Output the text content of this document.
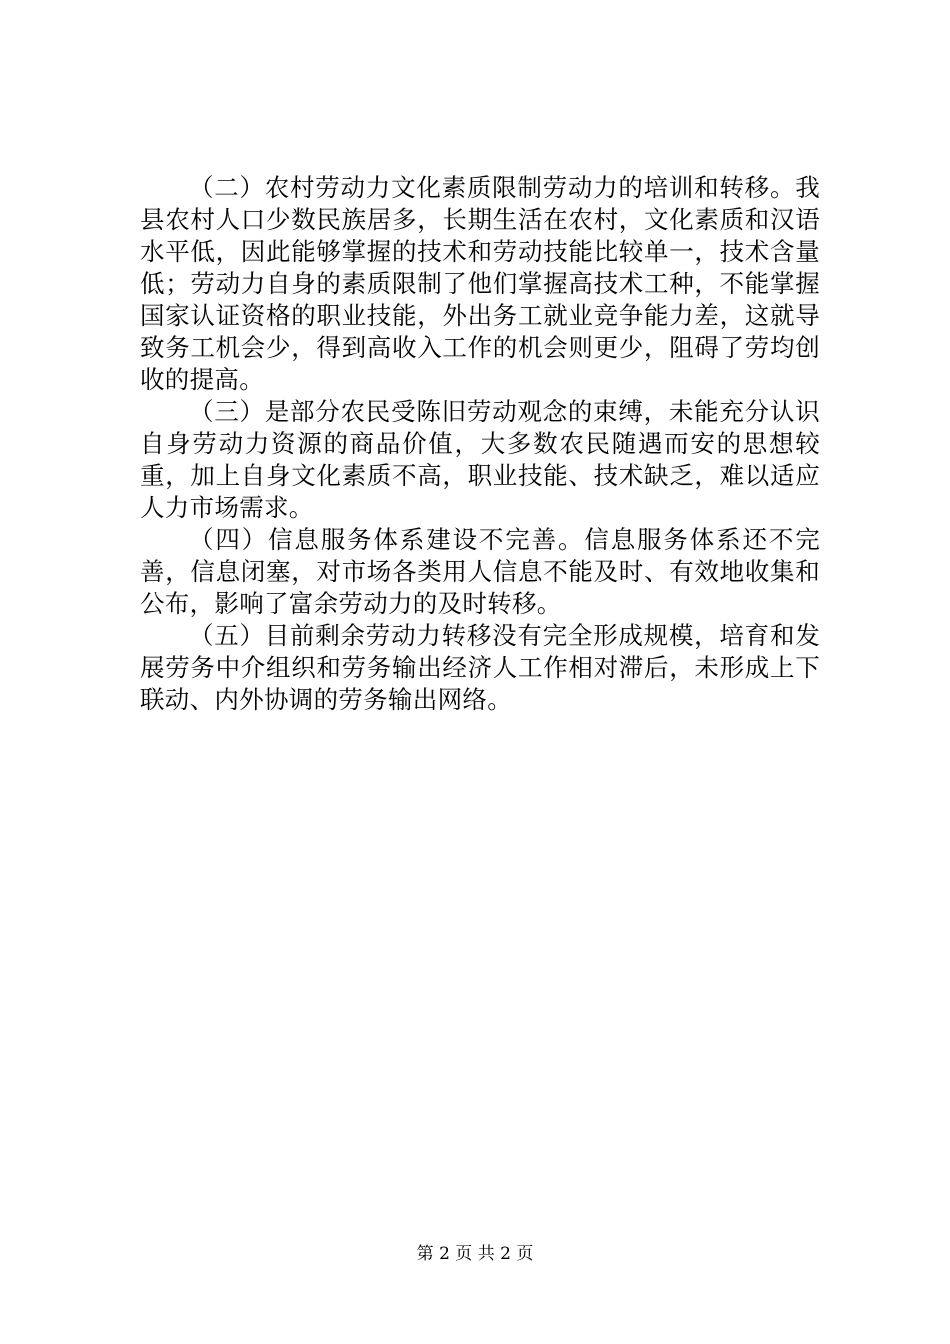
（二）农村劳动力文化素质限制劳动力的培训和转移。我县农村人口少数民族居多，长期生活在农村，文化素质和汉语水平低，因此能够掌握的技术和劳动技能比较单一，技术含量低；劳动力自身的素质限制了他们掌握高技术工种，不能掌握国家认证资格的职业技能，外出务工就业竞争能力差，这就导致务工机会少，得到高收入工作的机会则更少，阻碍了劳均创收的提高。

（三）是部分农民受陈旧劳动观念的束缚，未能充分认识自身劳动力资源的商品价值，大多数农民随遇而安的思想较重，加上自身文化素质不高，职业技能、技术缺乏，难以适应人力市场需求。

（四）信息服务体系建设不完善。信息服务体系还不完善，信息闭塞，对市场各类用人信息不能及时、有效地收集和公布，影响了富余劳动力的及时转移。

（五）目前剩余劳动力转移没有完全形成规模，培育和发展劳务中介组织和劳务输出经济人工作相对滞后，未形成上下联动、内外协调的劳务输出网络。

第 2 页 共 2 页
